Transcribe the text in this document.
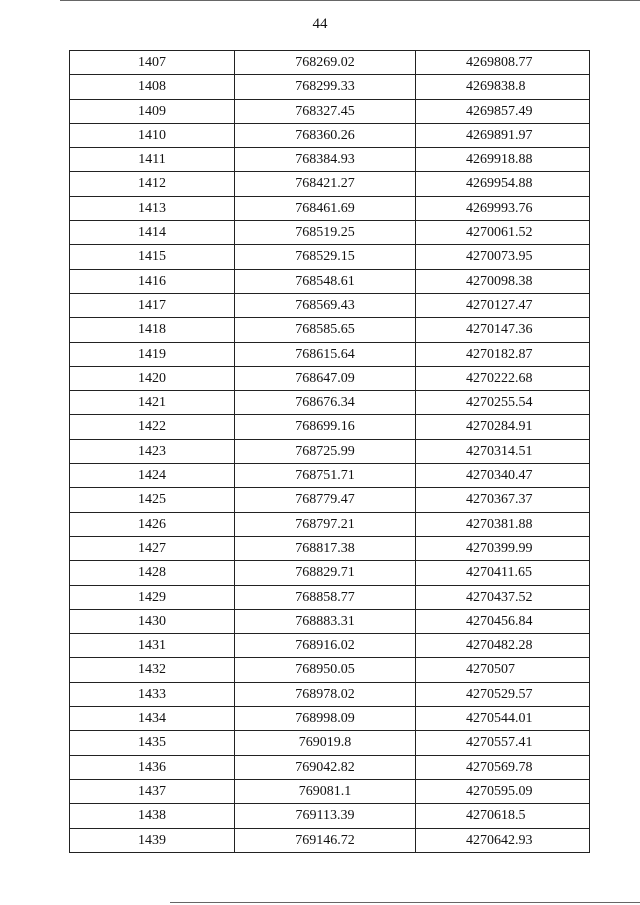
44
1407	768269.02	4269808.77
1408	768299.33	4269838.8
1409	768327.45	4269857.49
1410	768360.26	4269891.97
1411	768384.93	4269918.88
1412	768421.27	4269954.88
1413	768461.69	4269993.76
1414	768519.25	4270061.52
1415	768529.15	4270073.95
1416	768548.61	4270098.38
1417	768569.43	4270127.47
1418	768585.65	4270147.36
1419	768615.64	4270182.87
1420	768647.09	4270222.68
1421	768676.34	4270255.54
1422	768699.16	4270284.91
1423	768725.99	4270314.51
1424	768751.71	4270340.47
1425	768779.47	4270367.37
1426	768797.21	4270381.88
1427	768817.38	4270399.99
1428	768829.71	4270411.65
1429	768858.77	4270437.52
1430	768883.31	4270456.84
1431	768916.02	4270482.28
1432	768950.05	4270507
1433	768978.02	4270529.57
1434	768998.09	4270544.01
1435	769019.8	4270557.41
1436	769042.82	4270569.78
1437	769081.1	4270595.09
1438	769113.39	4270618.5
1439	769146.72	4270642.93
